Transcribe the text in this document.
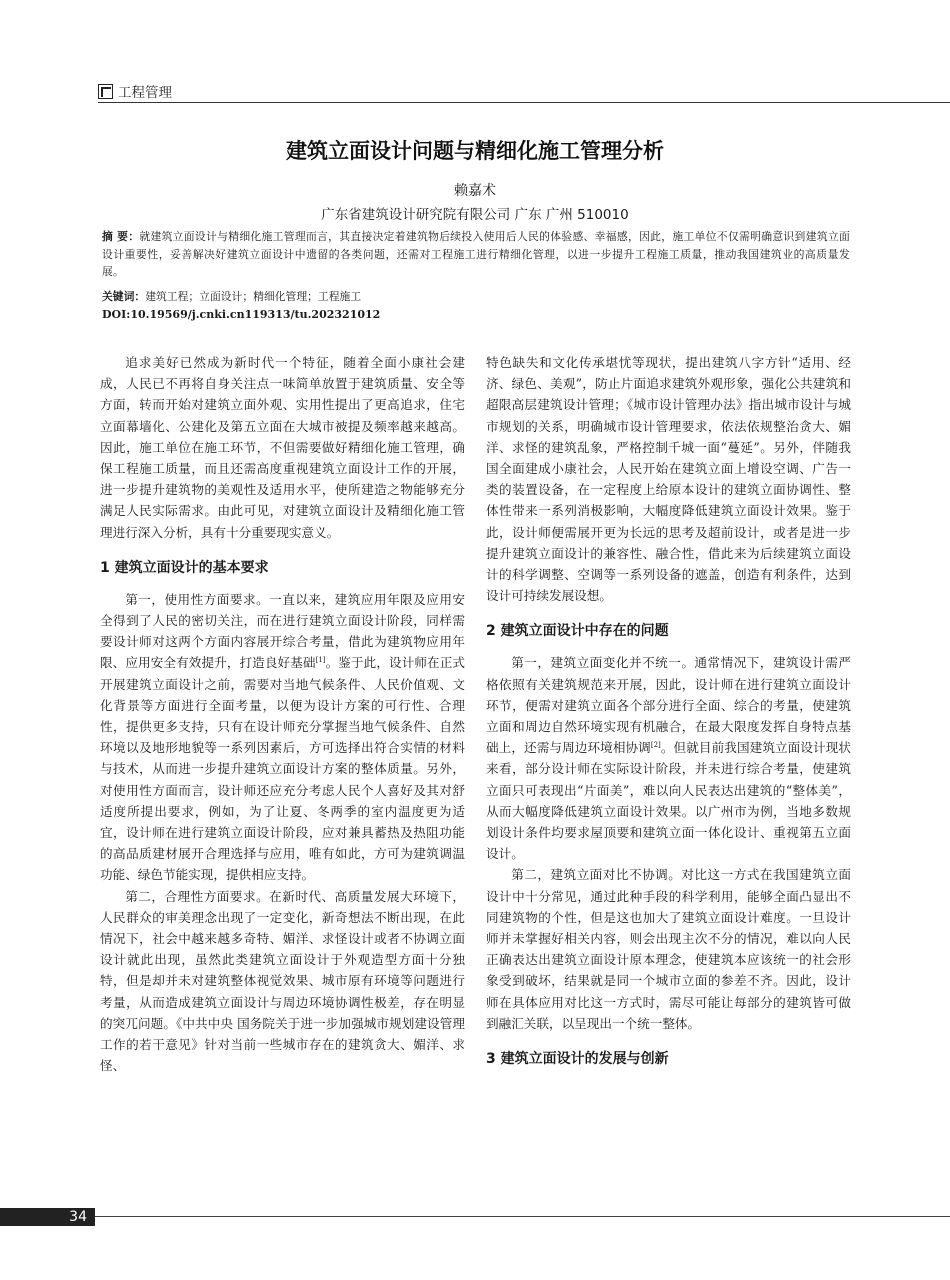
工程管理
建筑立面设计问题与精细化施工管理分析
赖嘉术
广东省建筑设计研究院有限公司 广东 广州 510010
摘 要：就建筑立面设计与精细化施工管理而言，其直接决定着建筑物后续投入使用后人民的体验感、幸福感，因此，施工单位不仅需明确意识到建筑立面设计重要性，妥善解决好建筑立面设计中遗留的各类问题，还需对工程施工进行精细化管理，以进一步提升工程施工质量，推动我国建筑业的高质量发展。
关键词：建筑工程；立面设计；精细化管理；工程施工
DOI:10.19569/j.cnki.cn119313/tu.202321012

追求美好已然成为新时代一个特征，随着全面小康社会建成，人民已不再将自身关注点一味简单放置于建筑质量、安全等方面，转而开始对建筑立面外观、实用性提出了更高追求，住宅立面幕墙化、公建化及第五立面在大城市被提及频率越来越高。因此，施工单位在施工环节，不但需要做好精细化施工管理，确保工程施工质量，而且还需高度重视建筑立面设计工作的开展，进一步提升建筑物的美观性及适用水平，使所建造之物能够充分满足人民实际需求。由此可见，对建筑立面设计及精细化施工管理进行深入分析，具有十分重要现实意义。

1 建筑立面设计的基本要求

第一，使用性方面要求。一直以来，建筑应用年限及应用安全得到了人民的密切关注，而在进行建筑立面设计阶段，同样需要设计师对这两个方面内容展开综合考量，借此为建筑物应用年限、应用安全有效提升，打造良好基础[1]。鉴于此，设计师在正式开展建筑立面设计之前，需要对当地气候条件、人民价值观、文化背景等方面进行全面考量，以便为设计方案的可行性、合理性，提供更多支持，只有在设计师充分掌握当地气候条件、自然环境以及地形地貌等一系列因素后，方可选择出符合实情的材料与技术，从而进一步提升建筑立面设计方案的整体质量。另外，对使用性方面而言，设计师还应充分考虑人民个人喜好及其对舒适度所提出要求，例如，为了让夏、冬两季的室内温度更为适宜，设计师在进行建筑立面设计阶段，应对兼具蓄热及热阻功能的高品质建材展开合理选择与应用，唯有如此，方可为建筑调温功能、绿色节能实现，提供相应支持。

第二，合理性方面要求。在新时代、高质量发展大环境下，人民群众的审美理念出现了一定变化，新奇想法不断出现，在此情况下，社会中越来越多奇特、媚洋、求怪设计或者不协调立面设计就此出现，虽然此类建筑立面设计于外观造型方面十分独特，但是却并未对建筑整体视觉效果、城市原有环境等问题进行考量，从而造成建筑立面设计与周边环境协调性极差，存在明显的突兀问题。《中共中央 国务院关于进一步加强城市规划建设管理工作的若干意见》针对当前一些城市存在的建筑贪大、媚洋、求怪、

特色缺失和文化传承堪忧等现状，提出建筑八字方针“适用、经济、绿色、美观”，防止片面追求建筑外观形象，强化公共建筑和超限高层建筑设计管理；《城市设计管理办法》指出城市设计与城市规划的关系，明确城市设计管理要求，依法依规整治贪大、媚洋、求怪的建筑乱象，严格控制千城一面“蔓延”。另外，伴随我国全面建成小康社会，人民开始在建筑立面上增设空调、广告一类的装置设备，在一定程度上给原本设计的建筑立面协调性、整体性带来一系列消极影响，大幅度降低建筑立面设计效果。鉴于此，设计师便需展开更为长远的思考及超前设计，或者是进一步提升建筑立面设计的兼容性、融合性，借此来为后续建筑立面设计的科学调整、空调等一系列设备的遮盖，创造有利条件，达到设计可持续发展设想。

2 建筑立面设计中存在的问题

第一，建筑立面变化并不统一。通常情况下，建筑设计需严格依照有关建筑规范来开展，因此，设计师在进行建筑立面设计环节，便需对建筑立面各个部分进行全面、综合的考量，使建筑立面和周边自然环境实现有机融合，在最大限度发挥自身特点基础上，还需与周边环境相协调[2]。但就目前我国建筑立面设计现状来看，部分设计师在实际设计阶段，并未进行综合考量，使建筑立面只可表现出“片面美”，难以向人民表达出建筑的“整体美”，从而大幅度降低建筑立面设计效果。以广州市为例，当地多数规划设计条件均要求屋顶要和建筑立面一体化设计、重视第五立面设计。

第二，建筑立面对比不协调。对比这一方式在我国建筑立面设计中十分常见，通过此种手段的科学利用，能够全面凸显出不同建筑物的个性，但是这也加大了建筑立面设计难度。一旦设计师并未掌握好相关内容，则会出现主次不分的情况，难以向人民正确表达出建筑立面设计原本理念，使建筑本应该统一的社会形象受到破坏，结果就是同一个城市立面的参差不齐。因此，设计师在具体应用对比这一方式时，需尽可能让每部分的建筑皆可做到融汇关联，以呈现出一个统一整体。

3 建筑立面设计的发展与创新
34
